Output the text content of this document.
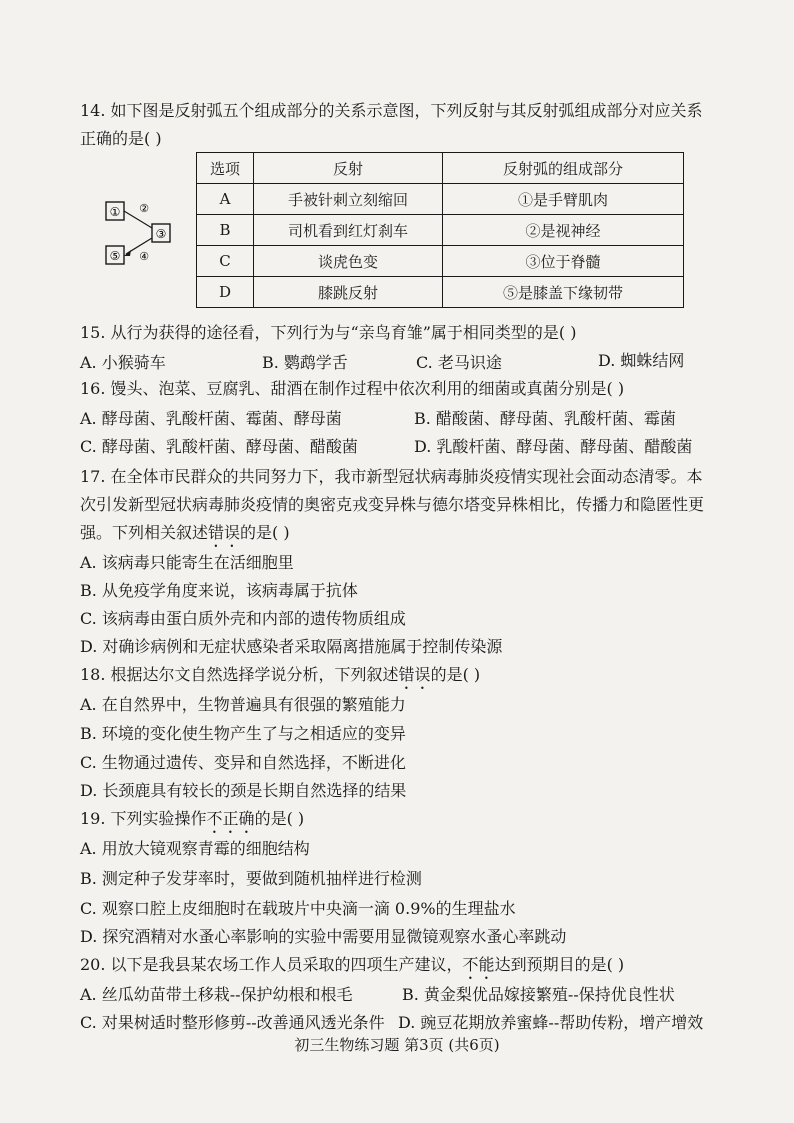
14. 如下图是反射弧五个组成部分的关系示意图，下列反射与其反射弧组成部分对应关系
正确的是( )
① ②
③
④
⑤
选项	反射	反射弧的组成部分
A	手被针刺立刻缩回	①是手臂肌肉
B	司机看到红灯刹车	②是视神经
C	谈虎色变	③位于脊髓
D	膝跳反射	⑤是膝盖下缘韧带
15. 从行为获得的途径看，下列行为与“亲鸟育雏”属于相同类型的是( )
A. 小猴骑车	B. 鹦鹉学舌	C. 老马识途	D. 蜘蛛结网
16. 馒头、泡菜、豆腐乳、甜酒在制作过程中依次利用的细菌或真菌分别是( )
A. 酵母菌、乳酸杆菌、霉菌、酵母菌	B. 醋酸菌、酵母菌、乳酸杆菌、霉菌
C. 酵母菌、乳酸杆菌、酵母菌、醋酸菌	D. 乳酸杆菌、酵母菌、酵母菌、醋酸菌
17. 在全体市民群众的共同努力下，我市新型冠状病毒肺炎疫情实现社会面动态清零。本
次引发新型冠状病毒肺炎疫情的奥密克戎变异株与德尔塔变异株相比，传播力和隐匿性更
强。下列相关叙述错误的是( )
A. 该病毒只能寄生在活细胞里
B. 从免疫学角度来说，该病毒属于抗体
C. 该病毒由蛋白质外壳和内部的遗传物质组成
D. 对确诊病例和无症状感染者采取隔离措施属于控制传染源
18. 根据达尔文自然选择学说分析，下列叙述错误的是( )
A. 在自然界中，生物普遍具有很强的繁殖能力
B. 环境的变化使生物产生了与之相适应的变异
C. 生物通过遗传、变异和自然选择，不断进化
D. 长颈鹿具有较长的颈是长期自然选择的结果
19. 下列实验操作不正确的是( )
A. 用放大镜观察青霉的细胞结构
B. 测定种子发芽率时，要做到随机抽样进行检测
C. 观察口腔上皮细胞时在载玻片中央滴一滴 0.9%的生理盐水
D. 探究酒精对水蚤心率影响的实验中需要用显微镜观察水蚤心率跳动
20. 以下是我县某农场工作人员采取的四项生产建议，不能达到预期目的是( )
A. 丝瓜幼苗带土移栽--保护幼根和根毛	B. 黄金梨优品嫁接繁殖--保持优良性状
C. 对果树适时整形修剪--改善通风透光条件 D. 豌豆花期放养蜜蜂--帮助传粉，增产增效
初三生物练习题 第3页 (共6页)
